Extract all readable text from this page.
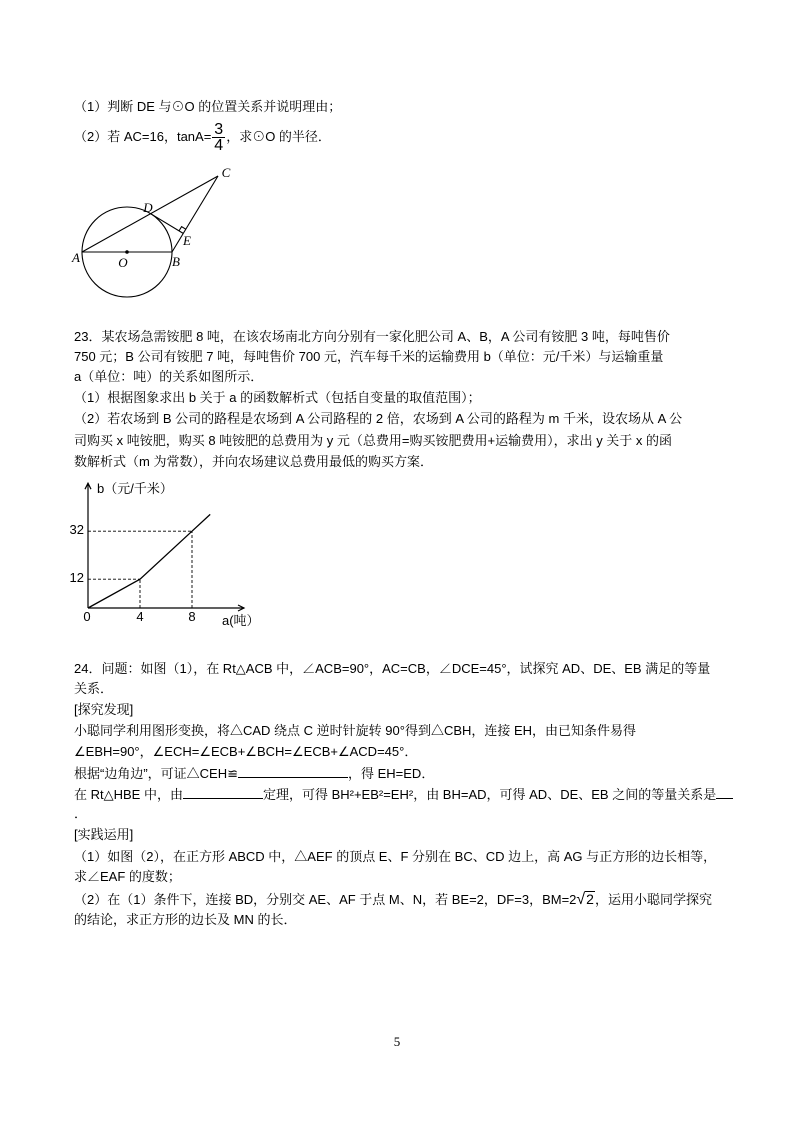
（1）判断 DE 与⊙O 的位置关系并说明理由；
（2）若 AC=16，$\tan A= \frac{3}{4}$ ，求⊙O 的半径．
A	O	B
D
E
C
23．某农场急需铵肥 8 吨，在该农场南北方向分别有一家化肥公司 A、B，A 公司有铵肥 3 吨，每吨售价
750 元；B 公司有铵肥 7 吨，每吨售价 700 元，汽车每千米的运输费用 b（单位：元/千米）与运输重量
a（单位：吨）的关系如图所示．
（1）根据图象求出 b 关于 a 的函数解析式（包括自变量的取值范围）；
（2）若农场到 B 公司的路程是农场到 A 公司路程的 2 倍，农场到 A 公司的路程为 m 千米，设农场从 A 公
司购买 x 吨铵肥，购买 8 吨铵肥的总费用为 y 元（总费用=购买铵肥费用+运输费用），求出 y 关于 x 的函
数解析式（m 为常数），并向农场建议总费用最低的购买方案．
0	4	8
32
12
b（元/千米）
a(吨）
24．问题：如图（1），在 Rt△ACB 中，∠ACB=90°，AC=CB，∠DCE=45°，试探究 AD、DE、EB 满足的等量
关系．
[探究发现]
小聪同学利用图形变换，将△CAD 绕点 C 逆时针旋转 90°得到△CBH，连接 EH，由已知条件易得
∠EBH=90°，∠ECH=∠ECB+∠BCH=∠ECB+∠ACD=45°．
根据“边角边”，可证△CEH≌	，得 EH=ED．
在 Rt△HBE 中，由	定理，可得 BH²+EB²=EH²，由 BH=AD，可得 AD、DE、EB 之间的等量关系是
．
[实践运用]
（1）如图（2），在正方形 ABCD 中，△AEF 的顶点 E、F 分别在 BC、CD 边上，高 AG 与正方形的边长相等，
求∠EAF 的度数；
（2）在（1）条件下，连接 BD，分别交 AE、AF 于点 M、N，若 BE=2，DF=3，BM=2√2，运用小聪同学探究
的结论，求正方形的边长及 MN 的长．
5
